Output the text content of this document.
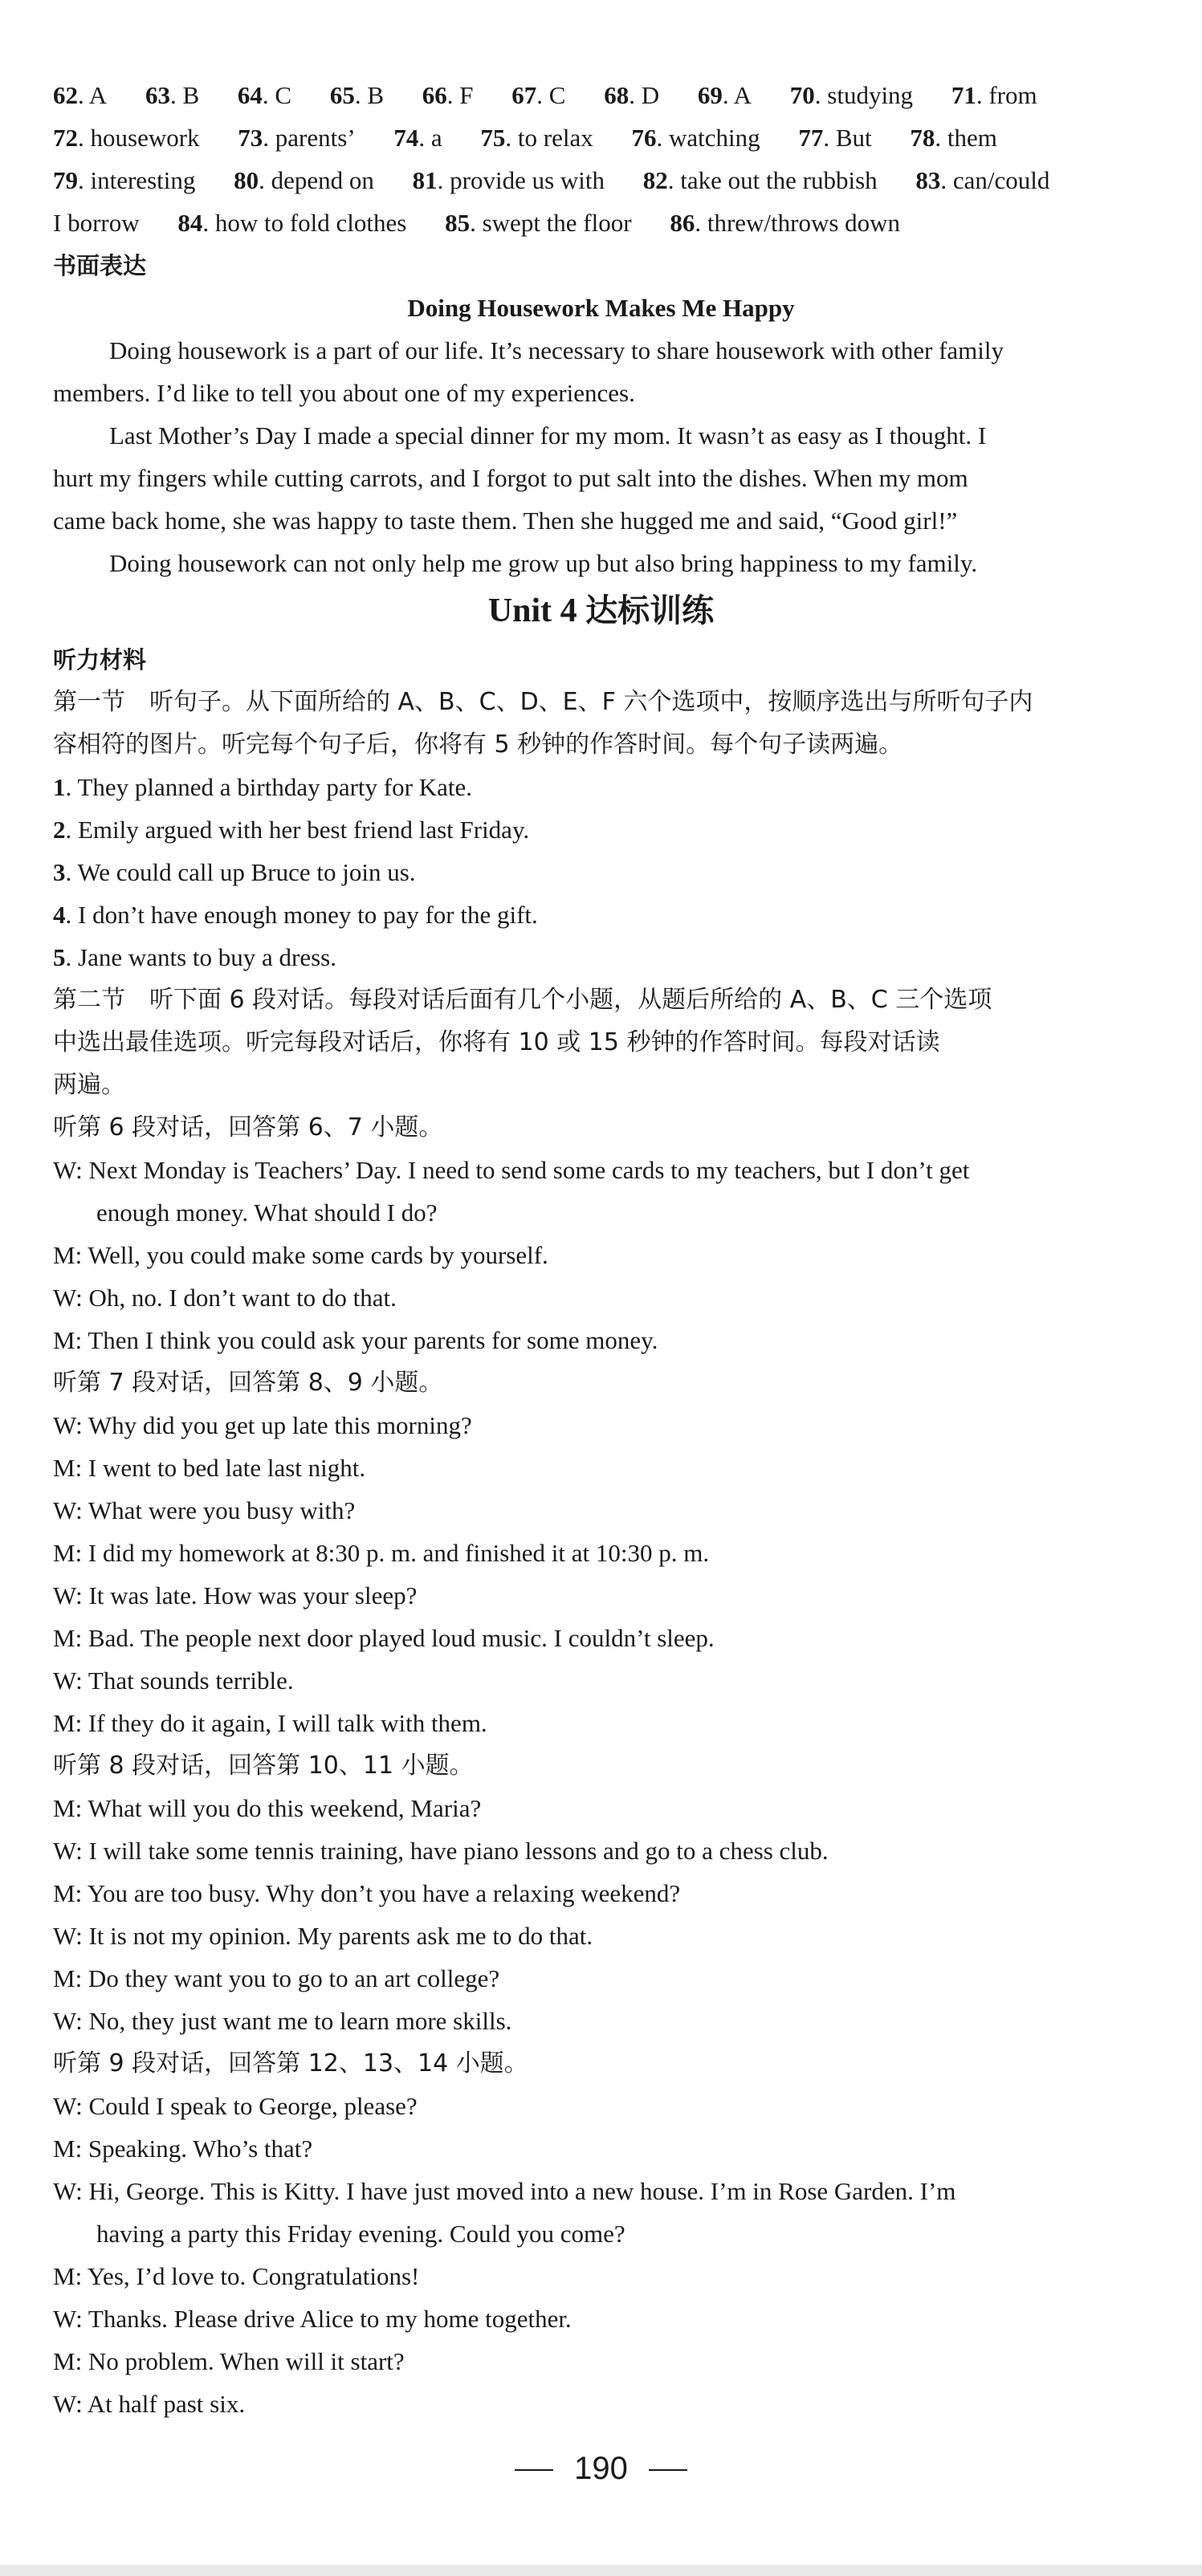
62. A 63. B 64. C 65. B 66. F 67. C 68. D 69. A 70. studying 71. from
72. housework 73. parents’ 74. a 75. to relax 76. watching 77. But 78. them
79. interesting 80. depend on 81. provide us with 82. take out the rubbish 83. can/could
I borrow 84. how to fold clothes 85. swept the floor 86. threw/throws down
书面表达
Doing Housework Makes Me Happy
Doing housework is a part of our life. It’s necessary to share housework with other family
members. I’d like to tell you about one of my experiences.
Last Mother’s Day I made a special dinner for my mom. It wasn’t as easy as I thought. I
hurt my fingers while cutting carrots, and I forgot to put salt into the dishes. When my mom
came back home, she was happy to taste them. Then she hugged me and said, “Good girl!”
Doing housework can not only help me grow up but also bring happiness to my family.
Unit 4 达标训练
听力材料
第一节　听句子。从下面所给的 A、B、C、D、E、F 六个选项中，按顺序选出与所听句子内
容相符的图片。听完每个句子后，你将有 5 秒钟的作答时间。每个句子读两遍。
1. They planned a birthday party for Kate.
2. Emily argued with her best friend last Friday.
3. We could call up Bruce to join us.
4. I don’t have enough money to pay for the gift.
5. Jane wants to buy a dress.
第二节　听下面 6 段对话。每段对话后面有几个小题，从题后所给的 A、B、C 三个选项
中选出最佳选项。听完每段对话后，你将有 10 或 15 秒钟的作答时间。每段对话读
两遍。
听第 6 段对话，回答第 6、7 小题。
W: Next Monday is Teachers’ Day. I need to send some cards to my teachers, but I don’t get
enough money. What should I do?
M: Well, you could make some cards by yourself.
W: Oh, no. I don’t want to do that.
M: Then I think you could ask your parents for some money.
听第 7 段对话，回答第 8、9 小题。
W: Why did you get up late this morning?
M: I went to bed late last night.
W: What were you busy with?
M: I did my homework at 8:30 p. m. and finished it at 10:30 p. m.
W: It was late. How was your sleep?
M: Bad. The people next door played loud music. I couldn’t sleep.
W: That sounds terrible.
M: If they do it again, I will talk with them.
听第 8 段对话，回答第 10、11 小题。
M: What will you do this weekend, Maria?
W: I will take some tennis training, have piano lessons and go to a chess club.
M: You are too busy. Why don’t you have a relaxing weekend?
W: It is not my opinion. My parents ask me to do that.
M: Do they want you to go to an art college?
W: No, they just want me to learn more skills.
听第 9 段对话，回答第 12、13、14 小题。
W: Could I speak to George, please?
M: Speaking. Who’s that?
W: Hi, George. This is Kitty. I have just moved into a new house. I’m in Rose Garden. I’m
having a party this Friday evening. Could you come?
M: Yes, I’d love to. Congratulations!
W: Thanks. Please drive Alice to my home together.
M: No problem. When will it start?
W: At half past six.
190
